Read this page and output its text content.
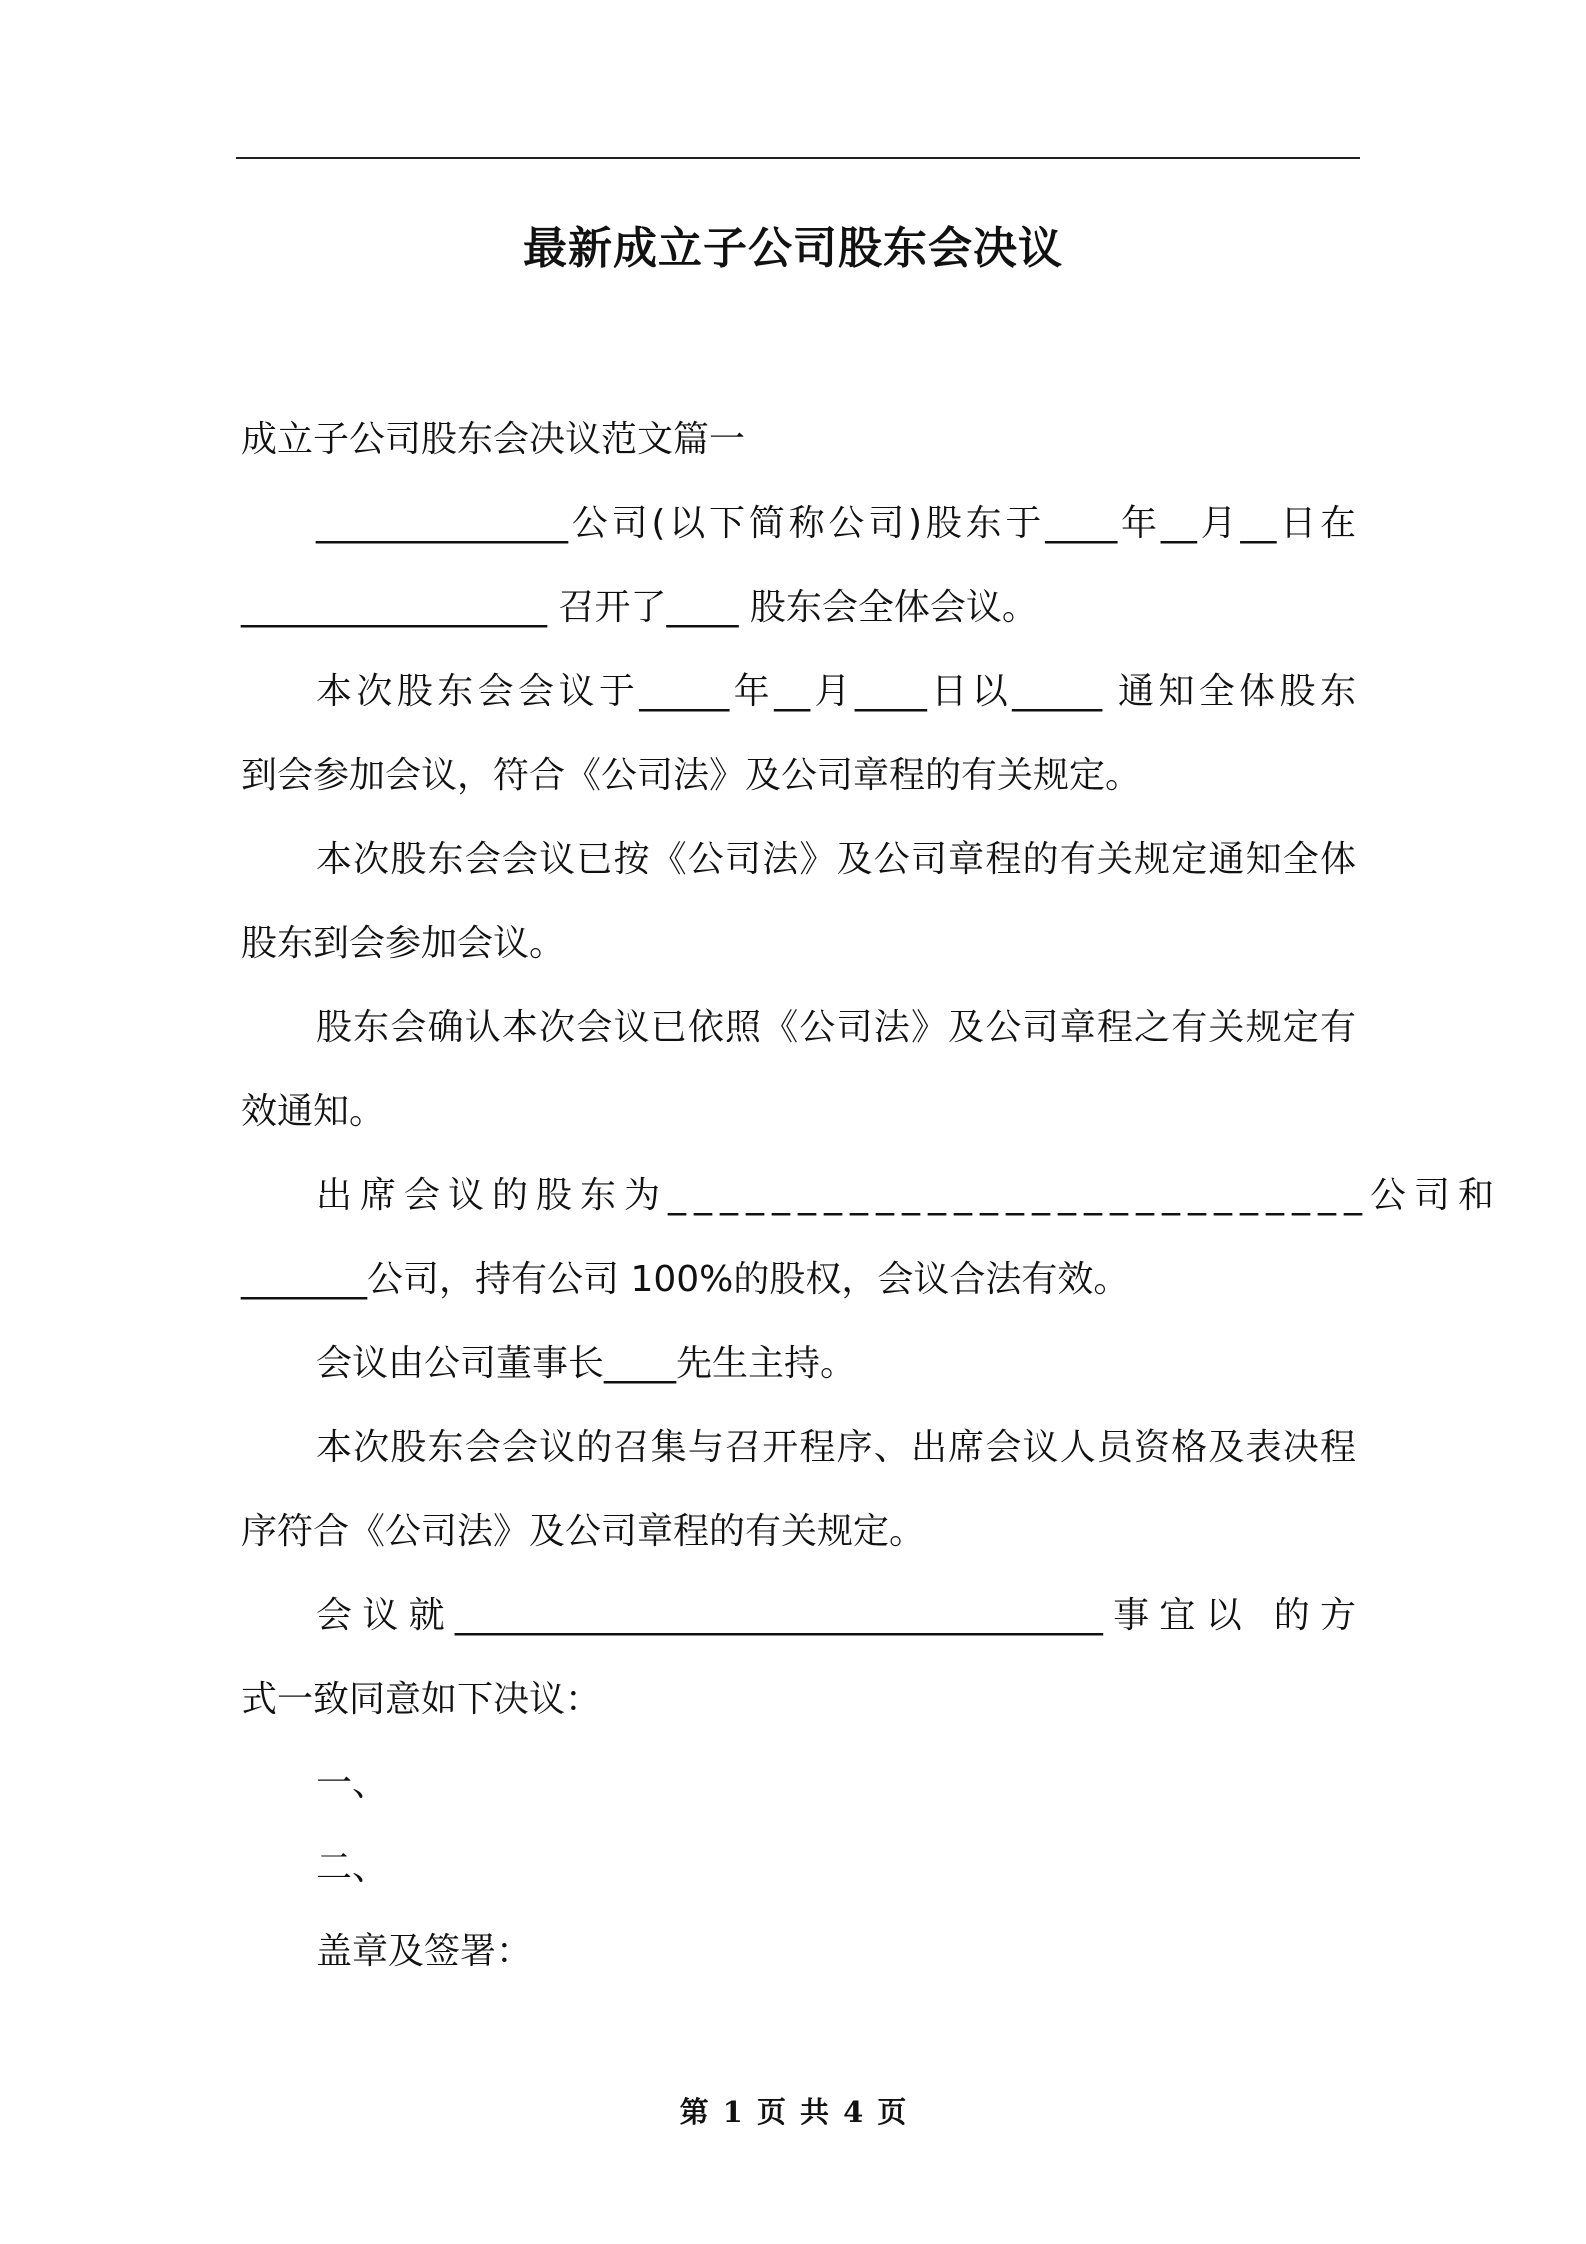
最新成立子公司股东会决议
成立子公司股东会决议范文篇一
______________公司(以下简称公司)股东于____年__月__日在
_________________ 召开了____ 股东会全体会议。
本次股东会会议于_____年__月____日以_____ 通知全体股东
到会参加会议，符合《公司法》及公司章程的有关规定。
本次股东会会议已按《公司法》及公司章程的有关规定通知全体
股东到会参加会议。
股东会确认本次会议已依照《公司法》及公司章程之有关规定有
效通知。
出席会议的股东为___________________________公司和
_______公司，持有公司 100%的股权，会议合法有效。
会议由公司董事长____先生主持。
本次股东会会议的召集与召开程序、出席会议人员资格及表决程
序符合《公司法》及公司章程的有关规定。
会议就____________________________________事宜以 的方
式一致同意如下决议：
一、
二、
盖章及签署：
第 1 页 共 4 页
